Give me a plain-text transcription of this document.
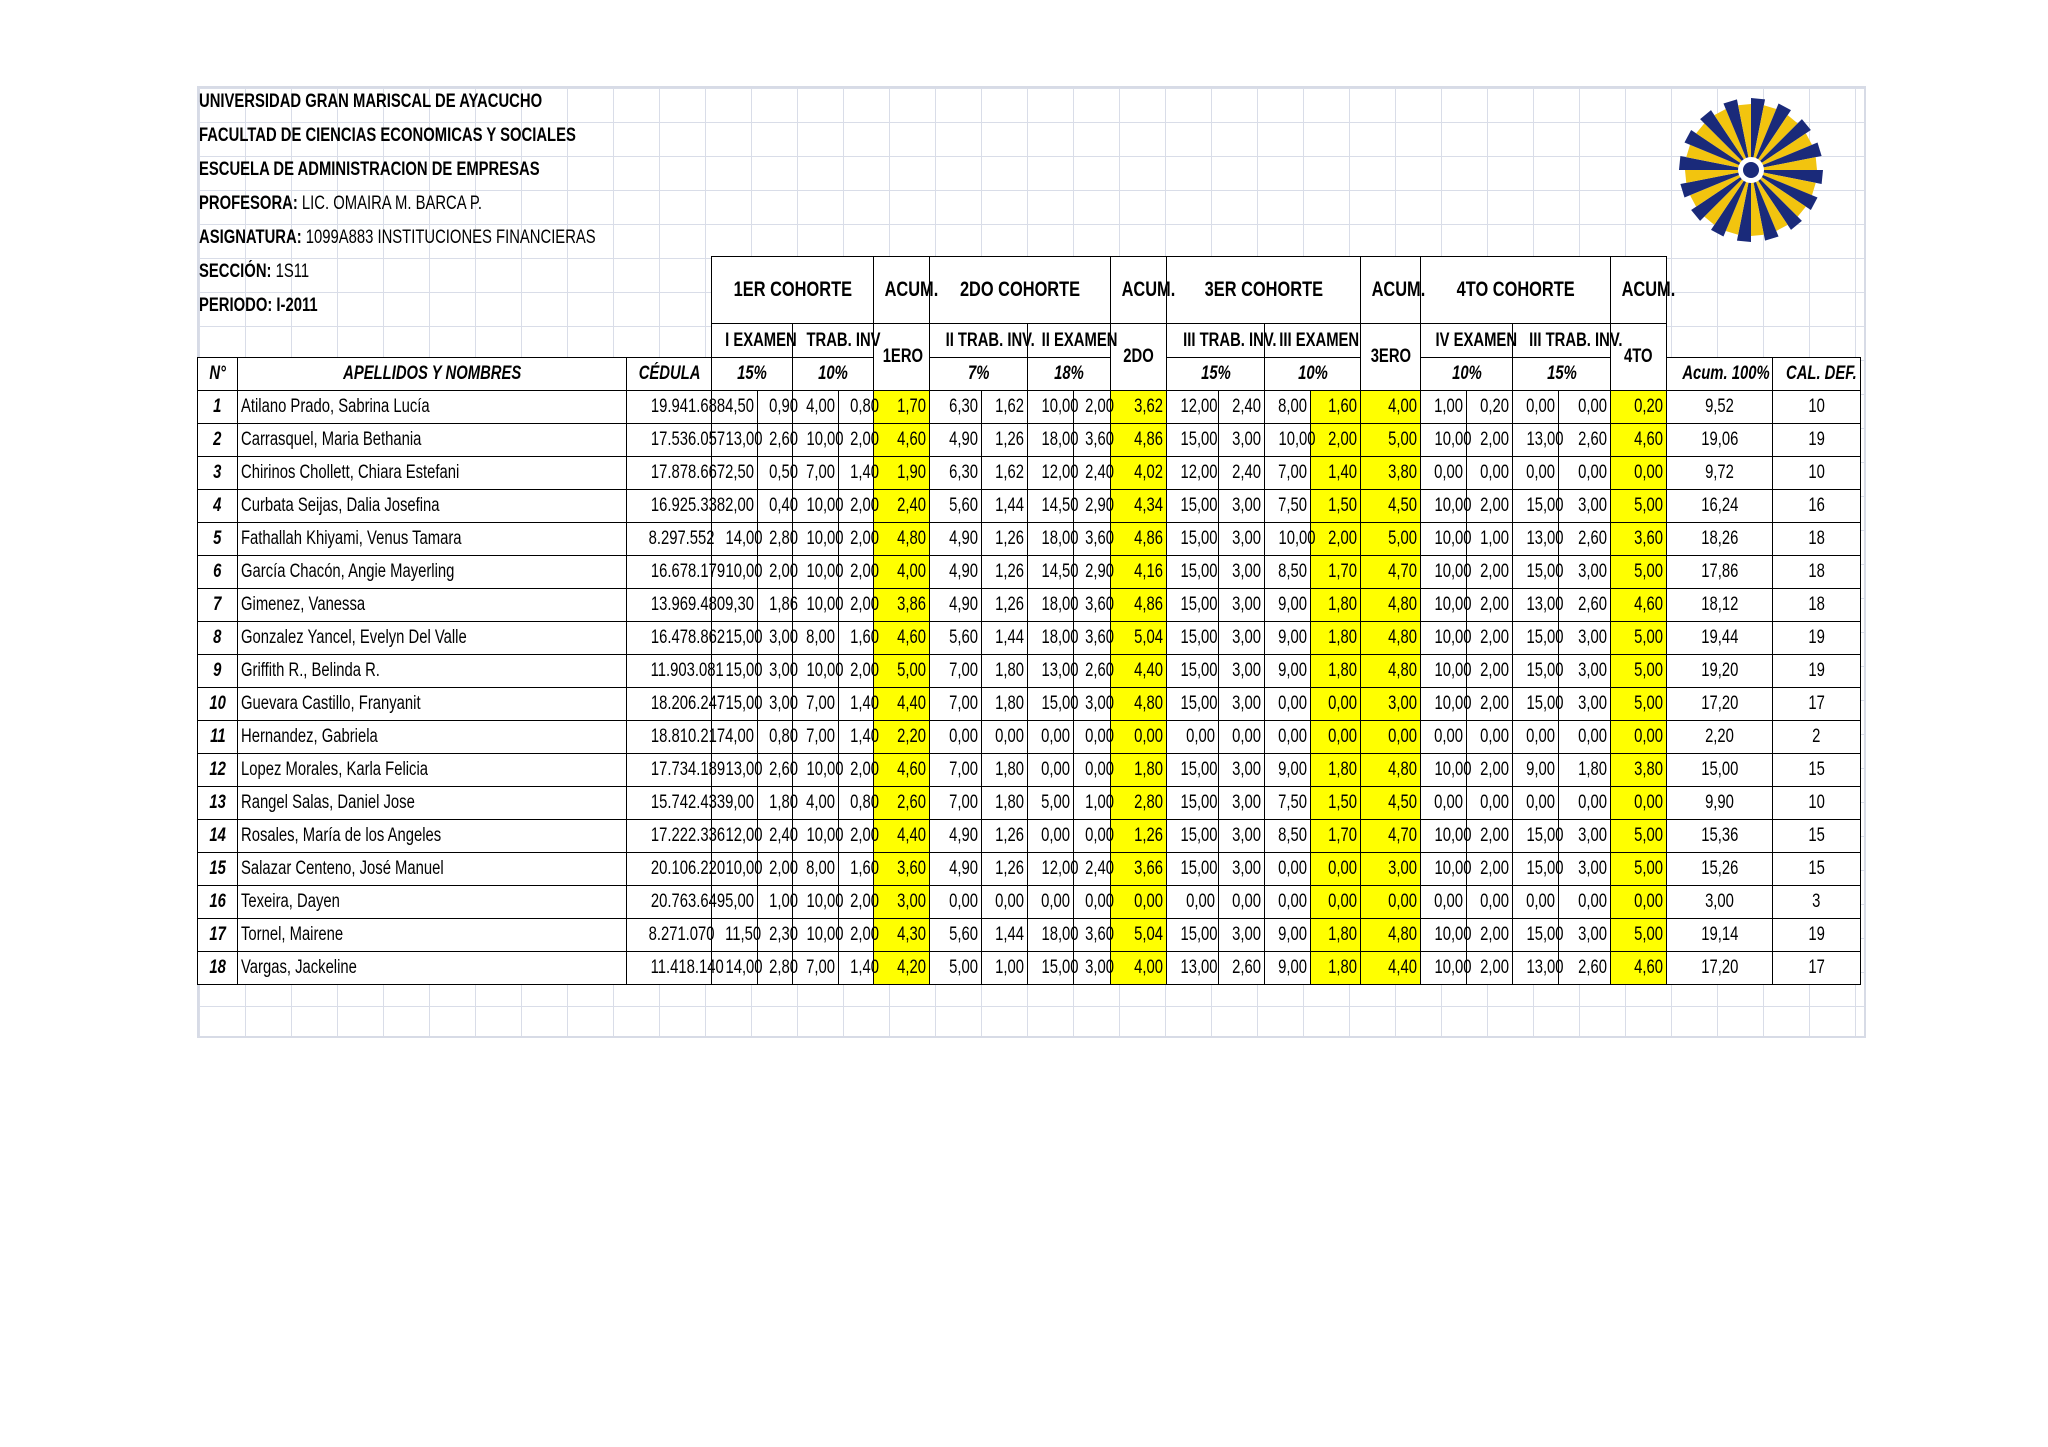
UNIVERSIDAD GRAN MARISCAL DE AYACUCHO
FACULTAD DE CIENCIAS ECONOMICAS Y SOCIALES
ESCUELA DE ADMINISTRACION DE EMPRESAS
PROFESORA: LIC. OMAIRA M. BARCA P.
ASIGNATURA: 1099A883 INSTITUCIONES FINANCIERAS
SECCIÓN: 1S11
PERIODO: I-2011
			1ER COHORTE				ACUM.	2DO COHORTE				ACUM.	3ER COHORTE				ACUM.	4TO COHORTE				ACUM.		
			I EXAMEN		TRAB. INV		1ERO	II TRAB. INV.		II EXAMEN		2DO	III TRAB. INV.		III EXAMEN		3ERO	IV EXAMEN		III TRAB. INV.		4TO		
N°	APELLIDOS Y NOMBRES	CÉDULA	15%		10%			7%		18%			15%		10%			10%		15%			Acum. 100%	CAL. DEF.
1	Atilano Prado, Sabrina Lucía	19.941.688	4,50	0,90	4,00	0,80	1,70	6,30	1,62	10,00	2,00	3,62	12,00	2,40	8,00	1,60	4,00	1,00	0,20	0,00	0,00	0,20	9,52	10
2	Carrasquel, Maria Bethania	17.536.057	13,00	2,60	10,00	2,00	4,60	4,90	1,26	18,00	3,60	4,86	15,00	3,00	10,00	2,00	5,00	10,00	2,00	13,00	2,60	4,60	19,06	19
3	Chirinos Chollett, Chiara Estefani	17.878.667	2,50	0,50	7,00	1,40	1,90	6,30	1,62	12,00	2,40	4,02	12,00	2,40	7,00	1,40	3,80	0,00	0,00	0,00	0,00	0,00	9,72	10
4	Curbata Seijas, Dalia Josefina	16.925.338	2,00	0,40	10,00	2,00	2,40	5,60	1,44	14,50	2,90	4,34	15,00	3,00	7,50	1,50	4,50	10,00	2,00	15,00	3,00	5,00	16,24	16
5	Fathallah Khiyami, Venus Tamara	8.297.552	14,00	2,80	10,00	2,00	4,80	4,90	1,26	18,00	3,60	4,86	15,00	3,00	10,00	2,00	5,00	10,00	1,00	13,00	2,60	3,60	18,26	18
6	García Chacón, Angie Mayerling	16.678.179	10,00	2,00	10,00	2,00	4,00	4,90	1,26	14,50	2,90	4,16	15,00	3,00	8,50	1,70	4,70	10,00	2,00	15,00	3,00	5,00	17,86	18
7	Gimenez, Vanessa	13.969.480	9,30	1,86	10,00	2,00	3,86	4,90	1,26	18,00	3,60	4,86	15,00	3,00	9,00	1,80	4,80	10,00	2,00	13,00	2,60	4,60	18,12	18
8	Gonzalez Yancel, Evelyn Del Valle	16.478.862	15,00	3,00	8,00	1,60	4,60	5,60	1,44	18,00	3,60	5,04	15,00	3,00	9,00	1,80	4,80	10,00	2,00	15,00	3,00	5,00	19,44	19
9	Griffith R., Belinda R.	11.903.081	15,00	3,00	10,00	2,00	5,00	7,00	1,80	13,00	2,60	4,40	15,00	3,00	9,00	1,80	4,80	10,00	2,00	15,00	3,00	5,00	19,20	19
10	Guevara Castillo, Franyanit	18.206.247	15,00	3,00	7,00	1,40	4,40	7,00	1,80	15,00	3,00	4,80	15,00	3,00	0,00	0,00	3,00	10,00	2,00	15,00	3,00	5,00	17,20	17
11	Hernandez, Gabriela	18.810.217	4,00	0,80	7,00	1,40	2,20	0,00	0,00	0,00	0,00	0,00	0,00	0,00	0,00	0,00	0,00	0,00	0,00	0,00	0,00	0,00	2,20	2
12	Lopez Morales, Karla Felicia	17.734.189	13,00	2,60	10,00	2,00	4,60	7,00	1,80	0,00	0,00	1,80	15,00	3,00	9,00	1,80	4,80	10,00	2,00	9,00	1,80	3,80	15,00	15
13	Rangel Salas, Daniel Jose	15.742.433	9,00	1,80	4,00	0,80	2,60	7,00	1,80	5,00	1,00	2,80	15,00	3,00	7,50	1,50	4,50	0,00	0,00	0,00	0,00	0,00	9,90	10
14	Rosales, María de los Angeles	17.222.336	12,00	2,40	10,00	2,00	4,40	4,90	1,26	0,00	0,00	1,26	15,00	3,00	8,50	1,70	4,70	10,00	2,00	15,00	3,00	5,00	15,36	15
15	Salazar Centeno, José Manuel	20.106.220	10,00	2,00	8,00	1,60	3,60	4,90	1,26	12,00	2,40	3,66	15,00	3,00	0,00	0,00	3,00	10,00	2,00	15,00	3,00	5,00	15,26	15
16	Texeira, Dayen	20.763.649	5,00	1,00	10,00	2,00	3,00	0,00	0,00	0,00	0,00	0,00	0,00	0,00	0,00	0,00	0,00	0,00	0,00	0,00	0,00	0,00	3,00	3
17	Tornel, Mairene	8.271.070	11,50	2,30	10,00	2,00	4,30	5,60	1,44	18,00	3,60	5,04	15,00	3,00	9,00	1,80	4,80	10,00	2,00	15,00	3,00	5,00	19,14	19
18	Vargas, Jackeline	11.418.140	14,00	2,80	7,00	1,40	4,20	5,00	1,00	15,00	3,00	4,00	13,00	2,60	9,00	1,80	4,40	10,00	2,00	13,00	2,60	4,60	17,20	17
